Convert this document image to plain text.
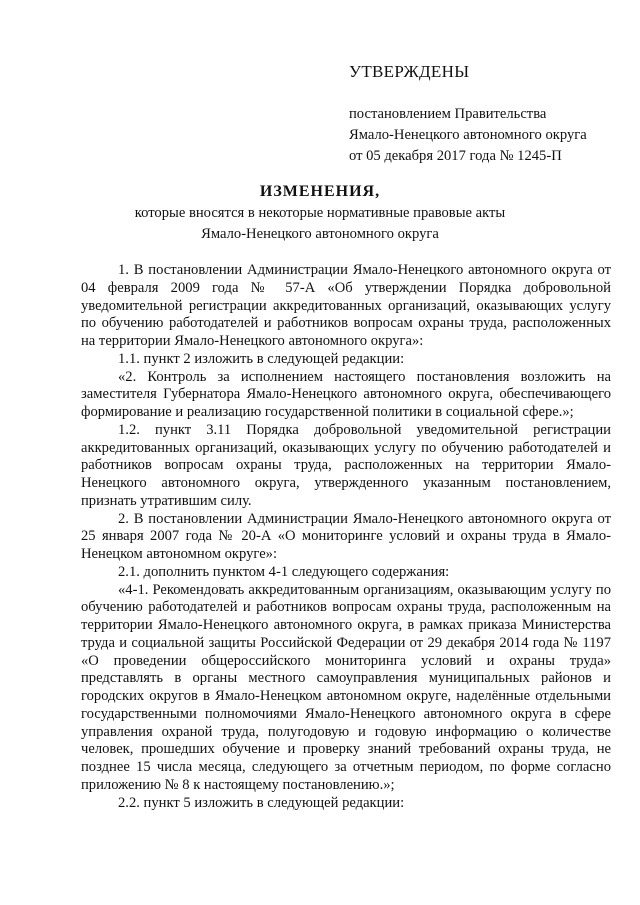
УТВЕРЖДЕНЫ

постановлением Правительства

Ямало-Ненецкого автономного округа

от 05 декабря 2017 года № 1245-П

ИЗМЕНЕНИЯ,

которые вносятся в некоторые нормативные правовые акты

Ямало-Ненецкого автономного округа

1. В постановлении Администрации Ямало-Ненецкого автономного округа от 04 февраля 2009 года № 57-А «Об утверждении Порядка добровольной уведомительной регистрации аккредитованных организаций, оказывающих услугу по обучению работодателей и работников вопросам охраны труда, расположенных на территории Ямало-Ненецкого автономного округа»:

1.1. пункт 2 изложить в следующей редакции:

«2. Контроль за исполнением настоящего постановления возложить на заместителя Губернатора Ямало-Ненецкого автономного округа, обеспечивающего формирование и реализацию государственной политики в социальной сфере.»;

1.2. пункт 3.11 Порядка добровольной уведомительной регистрации аккредитованных организаций, оказывающих услугу по обучению работодателей и работников вопросам охраны труда, расположенных на территории Ямало-Ненецкого автономного округа, утвержденного указанным постановлением, признать утратившим силу.

2. В постановлении Администрации Ямало-Ненецкого автономного округа от 25 января 2007 года № 20-А «О мониторинге условий и охраны труда в Ямало-Ненецком автономном округе»:

2.1. дополнить пунктом 4-1 следующего содержания:

«4-1. Рекомендовать аккредитованным организациям, оказывающим услугу по обучению работодателей и работников вопросам охраны труда, расположенным на территории Ямало-Ненецкого автономного округа, в рамках приказа Министерства труда и социальной защиты Российской Федерации от 29 декабря 2014 года № 1197 «О проведении общероссийского мониторинга условий и охраны труда» представлять в органы местного самоуправления муниципальных районов и городских округов в Ямало-Ненецком автономном округе, наделённые отдельными государственными полномочиями Ямало-Ненецкого автономного округа в сфере управления охраной труда, полугодовую и годовую информацию о количестве человек, прошедших обучение и проверку знаний требований охраны труда, не позднее 15 числа месяца, следующего за отчетным периодом, по форме согласно приложению № 8 к настоящему постановлению.»;

2.2. пункт 5 изложить в следующей редакции:
